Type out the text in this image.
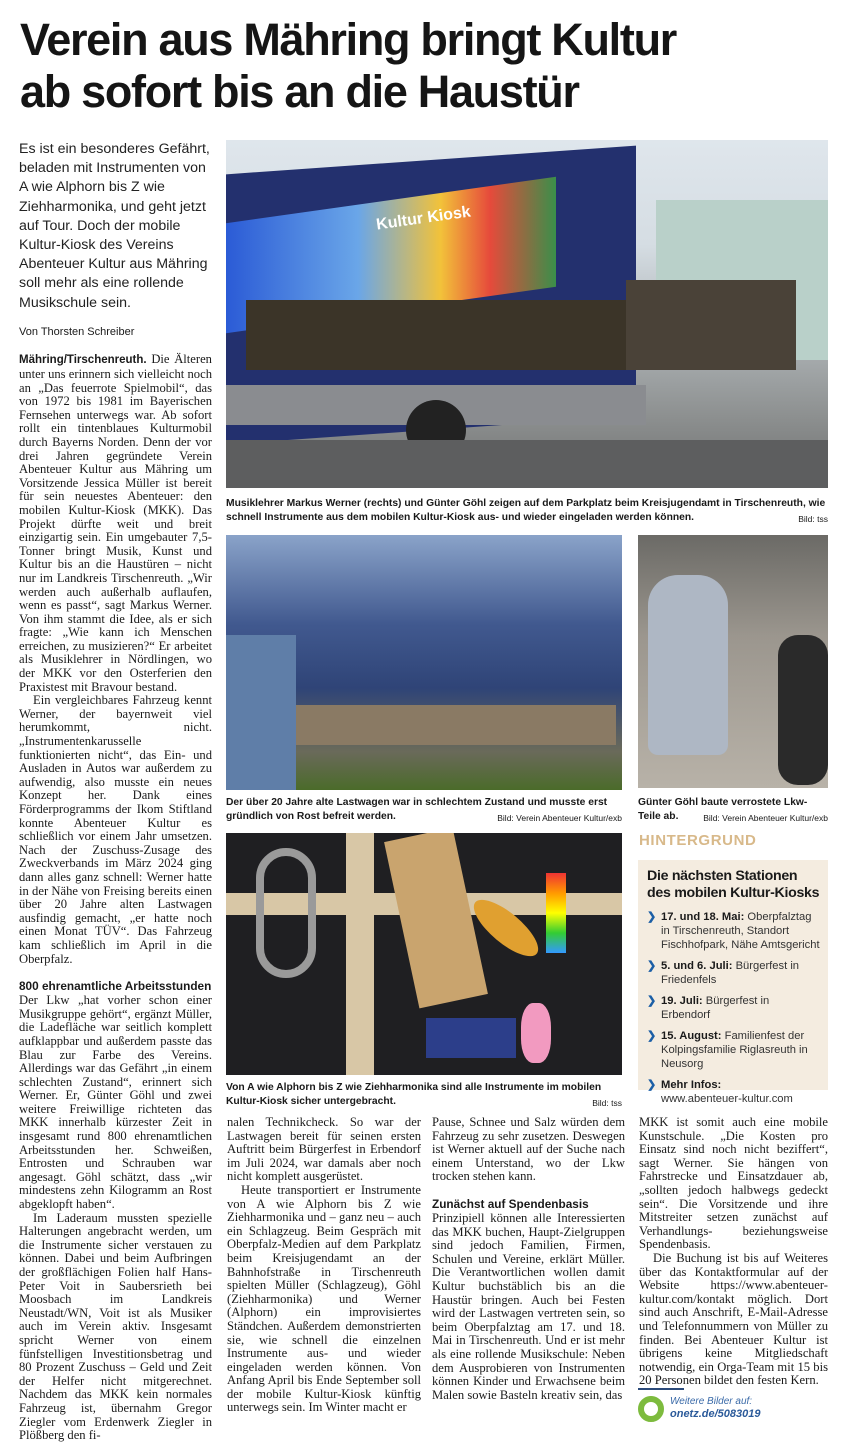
Verein aus Mähring bringt Kultur
ab sofort bis an die Haustür

Es ist ein besonderes Gefährt, beladen mit Instrumenten von A wie Alphorn bis Z wie Ziehharmonika, und geht jetzt auf Tour. Doch der mobile Kultur-Kiosk des Vereins Abenteuer Kultur aus Mähring soll mehr als eine rollende Musikschule sein.

Von Thorsten Schreiber

Mähring/Tirschenreuth. Die Älteren unter uns erinnern sich vielleicht noch an „Das feuerrote Spielmobil“, das von 1972 bis 1981 im Bayerischen Fernsehen unterwegs war. Ab sofort rollt ein tintenblaues Kulturmobil durch Bayerns Norden. Denn der vor drei Jahren gegründete Verein Abenteuer Kultur aus Mähring um Vorsitzende Jessica Müller ist bereit für sein neuestes Abenteuer: den mobilen Kultur-Kiosk (MKK). Das Projekt dürfte weit und breit einzigartig sein. Ein umgebauter 7,5-Tonner bringt Musik, Kunst und Kultur bis an die Haustüren – nicht nur im Landkreis Tirschenreuth. „Wir werden auch außerhalb auflaufen, wenn es passt“, sagt Markus Werner. Von ihm stammt die Idee, als er sich fragte: „Wie kann ich Menschen erreichen, zu musizieren?“ Er arbeitet als Musiklehrer in Nördlingen, wo der MKK vor den Osterferien den Praxistest mit Bravour bestand.

Ein vergleichbares Fahrzeug kennt Werner, der bayernweit viel herumkommt, nicht. „Instrumentenkarusselle funktionierten nicht“, das Ein- und Ausladen in Autos war außerdem zu aufwendig, also musste ein neues Konzept her. Dank eines Förderprogramms der Ikom Stiftland konnte Abenteuer Kultur es schließlich vor einem Jahr umsetzen. Nach der Zuschuss-Zusage des Zweckverbands im März 2024 ging dann alles ganz schnell: Werner hatte in der Nähe von Freising bereits einen über 20 Jahre alten Lastwagen ausfindig gemacht, „er hatte noch einen Monat TÜV“. Das Fahrzeug kam schließlich im April in die Oberpfalz.

800 ehrenamtliche Arbeitsstunden

Der Lkw „hat vorher schon einer Musikgruppe gehört“, ergänzt Müller, die Ladefläche war seitlich komplett aufklappbar und außerdem passte das Blau zur Farbe des Vereins. Allerdings war das Gefährt „in einem schlechten Zustand“, erinnert sich Werner. Er, Günter Göhl und zwei weitere Freiwillige richteten das MKK innerhalb kürzester Zeit in insgesamt rund 800 ehrenamtlichen Arbeitsstunden her. Schweißen, Entrosten und Schrauben war angesagt. Göhl schätzt, dass „wir mindestens zehn Kilogramm an Rost abgeklopft haben“.

Im Laderaum mussten spezielle Halterungen angebracht werden, um die Instrumente sicher verstauen zu können. Dabei und beim Aufbringen der großflächigen Folien half Hans-Peter Voit in Saubersrieth bei Moosbach im Landkreis Neustadt/WN, Voit ist als Musiker auch im Verein aktiv. Insgesamt spricht Werner von einem fünfstelligen Investitionsbetrag und 80 Prozent Zuschuss – Geld und Zeit der Helfer nicht mitgerechnet. Nachdem das MKK kein normales Fahrzeug ist, übernahm Gregor Ziegler vom Erdenwerk Ziegler in Plößberg den fi-

Kultur Kiosk
Musiklehrer Markus Werner (rechts) und Günter Göhl zeigen auf dem Parkplatz beim Kreisjugendamt in Tirschenreuth, wie schnell Instrumente aus dem mobilen Kultur-Kiosk aus- und wieder eingeladen werden können.	Bild: tss
Der über 20 Jahre alte Lastwagen war in schlechtem Zustand und musste erst gründlich von Rost befreit werden.	Bild: Verein Abenteuer Kultur/exb
Günter Göhl baute verrostete Lkw-Teile ab.	Bild: Verein Abenteuer Kultur/exb
Von A wie Alphorn bis Z wie Ziehharmonika sind alle Instrumente im mobilen Kultur-Kiosk sicher untergebracht.	Bild: tss

nalen Technikcheck. So war der Lastwagen bereit für seinen ersten Auftritt beim Bürgerfest in Erbendorf im Juli 2024, war damals aber noch nicht komplett ausgerüstet.

Heute transportiert er Instrumente von A wie Alphorn bis Z wie Ziehharmonika und – ganz neu – auch ein Schlagzeug. Beim Gespräch mit Oberpfalz-Medien auf dem Parkplatz beim Kreisjugendamt an der Bahnhofstraße in Tirschenreuth spielten Müller (Schlagzeug), Göhl (Ziehharmonika) und Werner (Alphorn) ein improvisiertes Ständchen. Außerdem demonstrierten sie, wie schnell die einzelnen Instrumente aus- und wieder eingeladen werden können. Von Anfang April bis Ende September soll der mobile Kultur-Kiosk künftig unterwegs sein. Im Winter macht er

Pause, Schnee und Salz würden dem Fahrzeug zu sehr zusetzen. Deswegen ist Werner aktuell auf der Suche nach einem Unterstand, wo der Lkw trocken stehen kann.

Zunächst auf Spendenbasis

Prinzipiell können alle Interessierten das MKK buchen, Haupt-Zielgruppen sind jedoch Familien, Firmen, Schulen und Vereine, erklärt Müller. Die Verantwortlichen wollen damit Kultur buchstäblich bis an die Haustür bringen. Auch bei Festen wird der Lastwagen vertreten sein, so beim Oberpfalztag am 17. und 18. Mai in Tirschenreuth. Und er ist mehr als eine rollende Musikschule: Neben dem Ausprobieren von Instrumenten können Kinder und Erwachsene beim Malen sowie Basteln kreativ sein, das

HINTERGRUND
Die nächsten Stationen des mobilen Kultur-Kiosks
❯ 17. und 18. Mai: Oberpfalztag in Tirschenreuth, Standort Fischhofpark, Nähe Amtsgericht
❯ 5. und 6. Juli: Bürgerfest in Friedenfels
❯ 19. Juli: Bürgerfest in Erbendorf
❯ 15. August: Familienfest der Kolpingsfamilie Riglasreuth in Neusorg
❯ Mehr Infos:
www.abenteuer-kultur.com

MKK ist somit auch eine mobile Kunstschule. „Die Kosten pro Einsatz sind noch nicht beziffert“, sagt Werner. Sie hängen von Fahrstrecke und Einsatzdauer ab, „sollten jedoch halbwegs gedeckt sein“. Die Vorsitzende und ihre Mitstreiter setzen zunächst auf Verhandlungs- beziehungsweise Spendenbasis.

Die Buchung ist bis auf Weiteres über das Kontaktformular auf der Website https://www.abenteuer-kultur.com/kontakt möglich. Dort sind auch Anschrift, E-Mail-Adresse und Telefonnummern von Müller zu finden. Bei Abenteuer Kultur ist übrigens keine Mitgliedschaft notwendig, ein Orga-Team mit 15 bis 20 Personen bildet den festen Kern.

Weitere Bilder auf:
onetz.de/5083019
